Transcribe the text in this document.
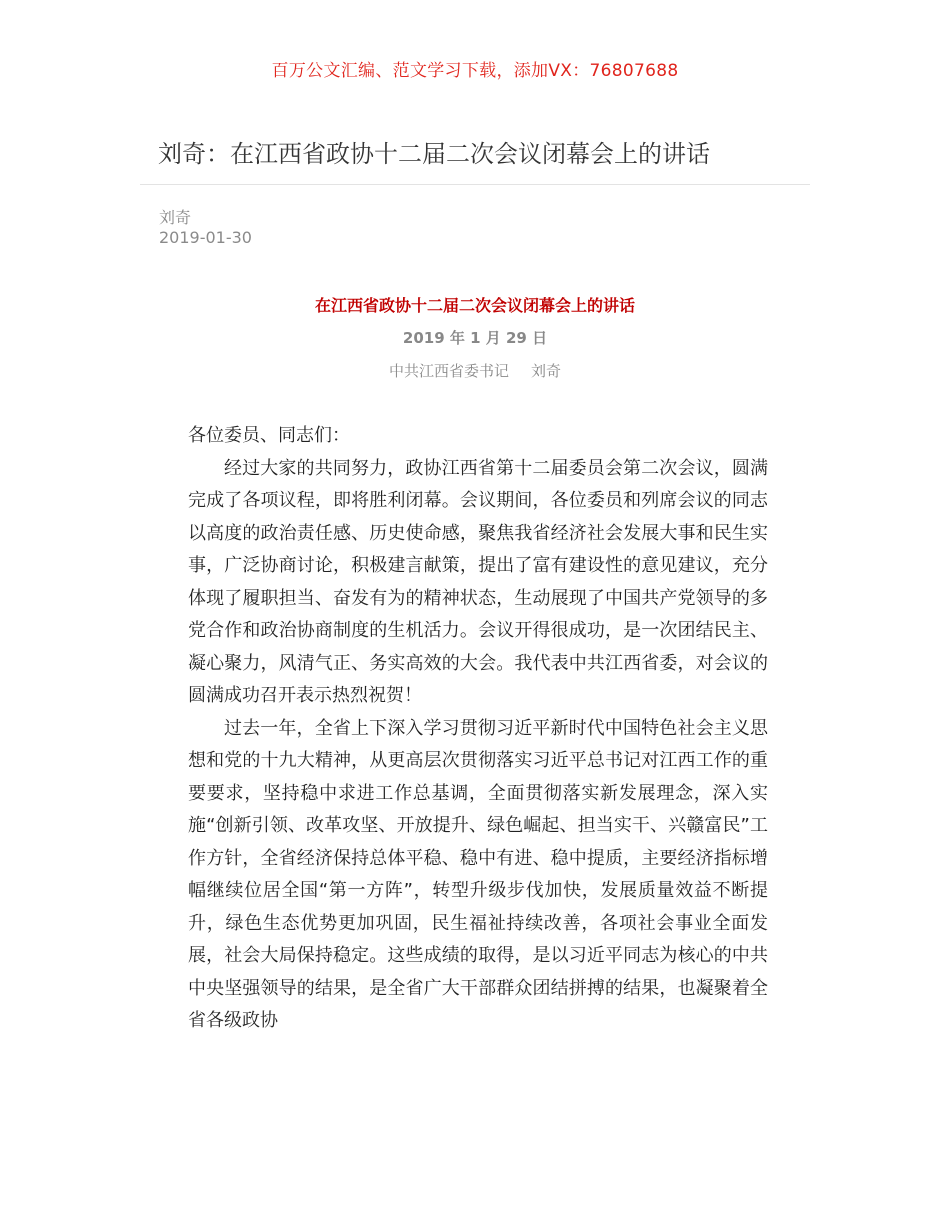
百万公文汇编、范文学习下载，添加VX：76807688
刘奇：在江西省政协十二届二次会议闭幕会上的讲话
刘奇
2019-01-30
在江西省政协十二届二次会议闭幕会上的讲话
2019 年 1 月 29 日
中共江西省委书记 刘奇

各位委员、同志们：

经过大家的共同努力，政协江西省第十二届委员会第二次会议，圆满完成了各项议程，即将胜利闭幕。会议期间，各位委员和列席会议的同志以高度的政治责任感、历史使命感，聚焦我省经济社会发展大事和民生实事，广泛协商讨论，积极建言献策，提出了富有建设性的意见建议，充分体现了履职担当、奋发有为的精神状态，生动展现了中国共产党领导的多党合作和政治协商制度的生机活力。会议开得很成功，是一次团结民主、凝心聚力，风清气正、务实高效的大会。我代表中共江西省委，对会议的圆满成功召开表示热烈祝贺！

过去一年，全省上下深入学习贯彻习近平新时代中国特色社会主义思想和党的十九大精神，从更高层次贯彻落实习近平总书记对江西工作的重要要求，坚持稳中求进工作总基调，全面贯彻落实新发展理念，深入实施“创新引领、改革攻坚、开放提升、绿色崛起、担当实干、兴赣富民”工作方针，全省经济保持总体平稳、稳中有进、稳中提质，主要经济指标增幅继续位居全国“第一方阵”，转型升级步伐加快，发展质量效益不断提升，绿色生态优势更加巩固，民生福祉持续改善，各项社会事业全面发展，社会大局保持稳定。这些成绩的取得，是以习近平同志为核心的中共中央坚强领导的结果，是全省广大干部群众团结拼搏的结果，也凝聚着全省各级政协
